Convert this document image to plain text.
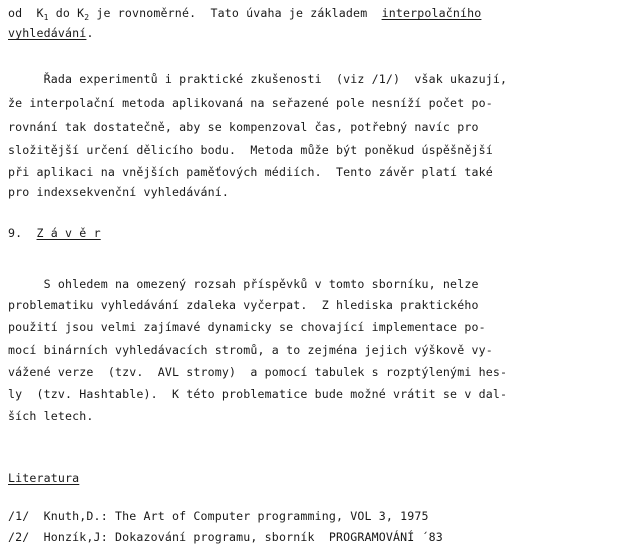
od  $K_1$ do $K_2$ je rovnoměrné.  Tato úvaha je základem  interpolačního
vyhledávání.
Řada experimentů i praktické zkušenosti  (viz /1/)  však ukazují,
že interpolační metoda aplikovaná na seřazené pole nesníží počet po-
rovnání tak dostatečně, aby se kompenzoval čas, potřebný navíc pro
složitější určení dělicího bodu.  Metoda může být poněkud úspěšnější
při aplikaci na vnějších paměťových médiích.  Tento závěr platí také
pro indexsekvenční vyhledávání.
9.  Z á v ě r
S ohledem na omezený rozsah příspěvků v tomto sborníku, nelze
problematiku vyhledávání zdaleka vyčerpat.  Z hlediska praktického
použití jsou velmi zajímavé dynamicky se chovající implementace po-
mocí binárních vyhledávacích stromů, a to zejména jejich výškově vy-
vážené verze  (tzv.  AVL stromy)  a pomocí tabulek s rozptýlenými hes-
ly  (tzv. Hashtable).  K této problematice bude možné vrátit se v dal-
ších letech.
Literatura
/1/  Knuth,D.: The Art of Computer programming, VOL 3, 1975
/2/  Honzík,J: Dokazování programu, sborník  PROGRAMOVÁNÍ ´83
